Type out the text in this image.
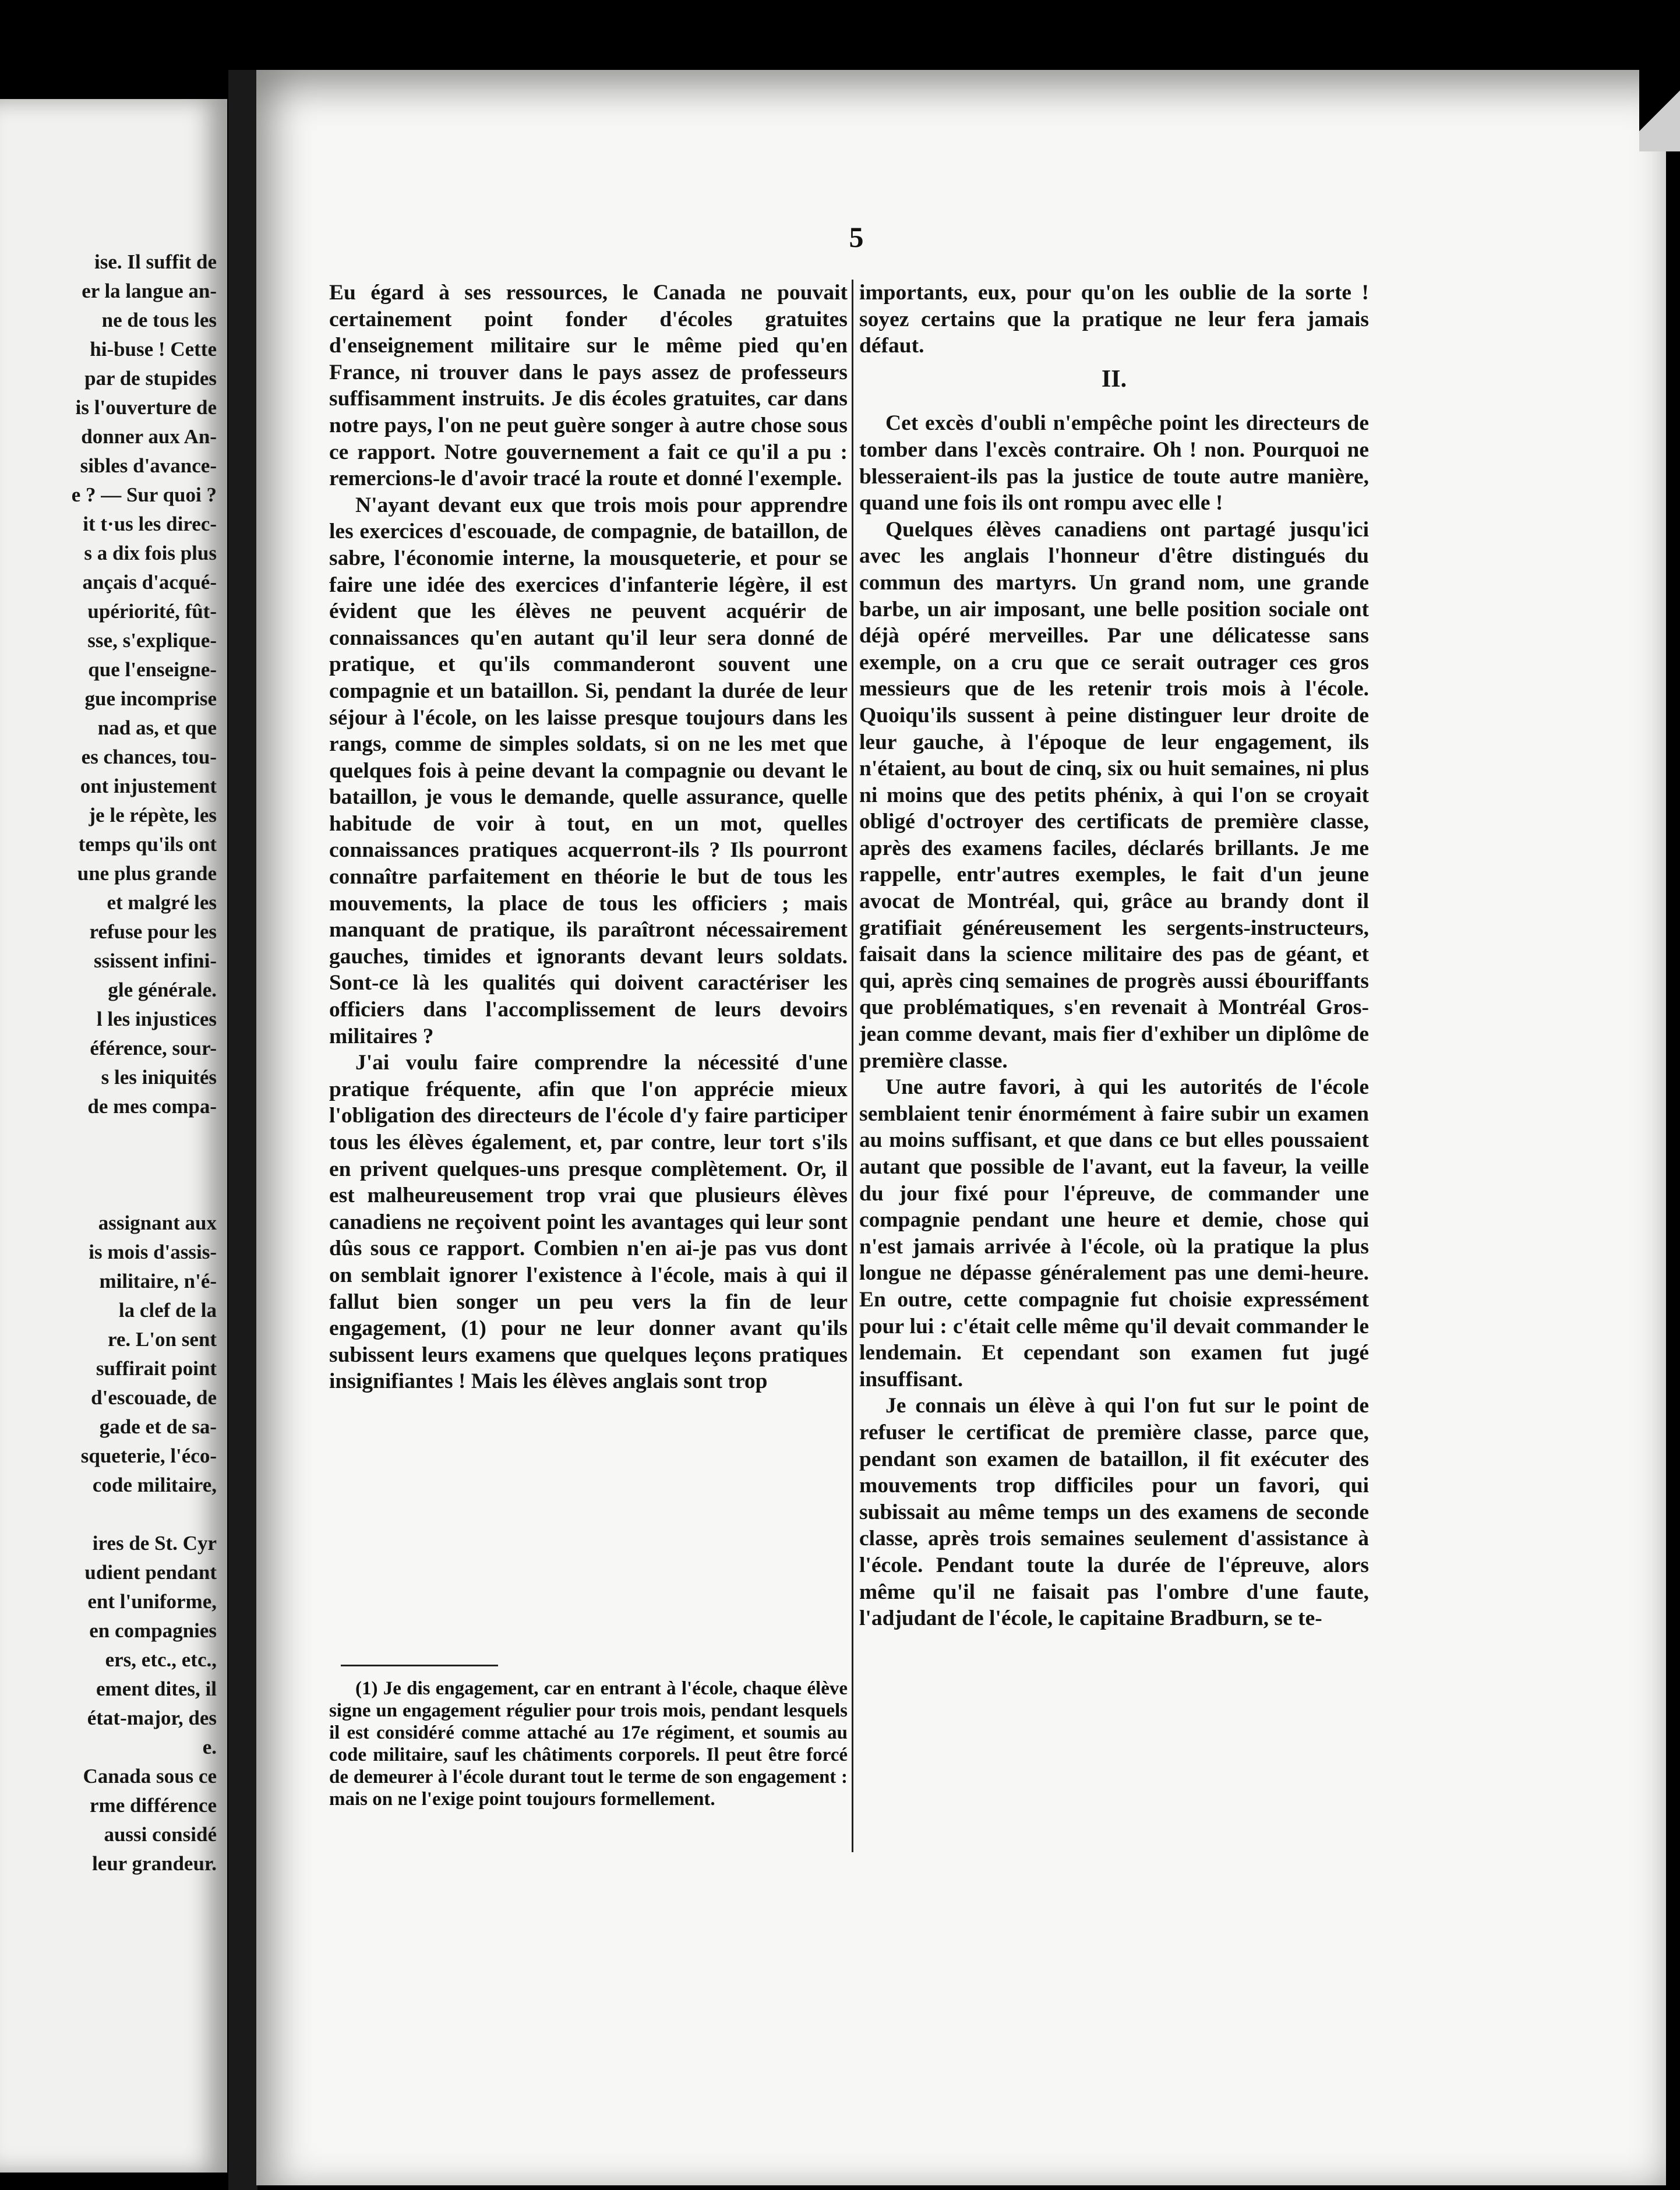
ise. Il suffit de
er la langue an-
ne de tous les
hi-buse ! Cette
par de stupides
is l'ouverture de
donner aux An-
sibles d'avance-
e ? — Sur quoi ?
it t·us les direc-
s a dix fois plus
ançais d'acqué-
upériorité, fût-
sse, s'explique-
que l'enseigne-
gue incomprise
nad as, et que
es chances, tou-
ont injustement
je le répète, les
temps qu'ils ont
une plus grande
et malgré les
refuse pour les
ssissent infini-
gle générale.
l les injustices
éférence, sour-
s les iniquités
de mes compa-
assignant aux
is mois d'assis-
militaire, n'é-
la clef de la
re. L'on sent
suffirait point
d'escouade, de
gade et de sa-
squeterie, l'éco-
code militaire,
ires de St. Cyr
udient pendant
ent l'uniforme,
en compagnies
ers, etc., etc.,
ement dites, il
état-major, des
e.
Canada sous ce
rme différence
aussi considé
leur grandeur.
5

Eu égard à ses ressources, le Canada ne pouvait certainement point fonder d'écoles gratuites d'enseignement militaire sur le même pied qu'en France, ni trouver dans le pays assez de professeurs suffisamment instruits. Je dis écoles gratuites, car dans notre pays, l'on ne peut guère songer à autre chose sous ce rapport. Notre gouvernement a fait ce qu'il a pu : remercions-le d'avoir tracé la route et donné l'exemple.

N'ayant devant eux que trois mois pour apprendre les exercices d'escouade, de compagnie, de bataillon, de sabre, l'économie interne, la mousqueterie, et pour se faire une idée des exercices d'infanterie légère, il est évident que les élèves ne peuvent acquérir de connaissances qu'en autant qu'il leur sera donné de pratique, et qu'ils commanderont souvent une compagnie et un bataillon. Si, pendant la durée de leur séjour à l'école, on les laisse presque toujours dans les rangs, comme de simples soldats, si on ne les met que quelques fois à peine devant la compagnie ou devant le bataillon, je vous le demande, quelle assurance, quelle habitude de voir à tout, en un mot, quelles connaissances pratiques acquerront-ils ? Ils pourront connaître parfaitement en théorie le but de tous les mouvements, la place de tous les officiers ; mais manquant de pratique, ils paraîtront nécessairement gauches, timides et ignorants devant leurs soldats. Sont-ce là les qualités qui doivent caractériser les officiers dans l'accomplissement de leurs devoirs militaires ?

J'ai voulu faire comprendre la nécessité d'une pratique fréquente, afin que l'on apprécie mieux l'obligation des directeurs de l'école d'y faire participer tous les élèves également, et, par contre, leur tort s'ils en privent quelques-uns presque complètement. Or, il est malheureusement trop vrai que plusieurs élèves canadiens ne reçoivent point les avantages qui leur sont dûs sous ce rapport. Combien n'en ai-je pas vus dont on semblait ignorer l'existence à l'école, mais à qui il fallut bien songer un peu vers la fin de leur engagement, (1) pour ne leur donner avant qu'ils subissent leurs examens que quelques leçons pratiques insignifiantes ! Mais les élèves anglais sont trop

importants, eux, pour qu'on les oublie de la sorte ! soyez certains que la pratique ne leur fera jamais défaut.

II.

Cet excès d'oubli n'empêche point les directeurs de tomber dans l'excès contraire. Oh ! non. Pourquoi ne blesseraient-ils pas la justice de toute autre manière, quand une fois ils ont rompu avec elle !

Quelques élèves canadiens ont partagé jusqu'ici avec les anglais l'honneur d'être distingués du commun des martyrs. Un grand nom, une grande barbe, un air imposant, une belle position sociale ont déjà opéré merveilles. Par une délicatesse sans exemple, on a cru que ce serait outrager ces gros messieurs que de les retenir trois mois à l'école. Quoiqu'ils sussent à peine distinguer leur droite de leur gauche, à l'époque de leur engagement, ils n'étaient, au bout de cinq, six ou huit semaines, ni plus ni moins que des petits phénix, à qui l'on se croyait obligé d'octroyer des certificats de première classe, après des examens faciles, déclarés brillants. Je me rappelle, entr'autres exemples, le fait d'un jeune avocat de Montréal, qui, grâce au brandy dont il gratifiait généreusement les sergents-instructeurs, faisait dans la science militaire des pas de géant, et qui, après cinq semaines de progrès aussi ébouriffants que problématiques, s'en revenait à Montréal Gros-jean comme devant, mais fier d'exhiber un diplôme de première classe.

Une autre favori, à qui les autorités de l'école semblaient tenir énormément à faire subir un examen au moins suffisant, et que dans ce but elles poussaient autant que possible de l'avant, eut la faveur, la veille du jour fixé pour l'épreuve, de commander une compagnie pendant une heure et demie, chose qui n'est jamais arrivée à l'école, où la pratique la plus longue ne dépasse généralement pas une demi-heure. En outre, cette compagnie fut choisie expressément pour lui : c'était celle même qu'il devait commander le lendemain. Et cependant son examen fut jugé insuffisant.

Je connais un élève à qui l'on fut sur le point de refuser le certificat de première classe, parce que, pendant son examen de bataillon, il fit exécuter des mouvements trop difficiles pour un favori, qui subissait au même temps un des examens de seconde classe, après trois semaines seulement d'assistance à l'école. Pendant toute la durée de l'épreuve, alors même qu'il ne faisait pas l'ombre d'une faute, l'adjudant de l'école, le capitaine Bradburn, se te-

(1) Je dis engagement, car en entrant à l'école, chaque élève signe un engagement régulier pour trois mois, pendant lesquels il est considéré comme attaché au 17e régiment, et soumis au code militaire, sauf les châtiments corporels. Il peut être forcé de demeurer à l'école durant tout le terme de son engagement : mais on ne l'exige point toujours formellement.
